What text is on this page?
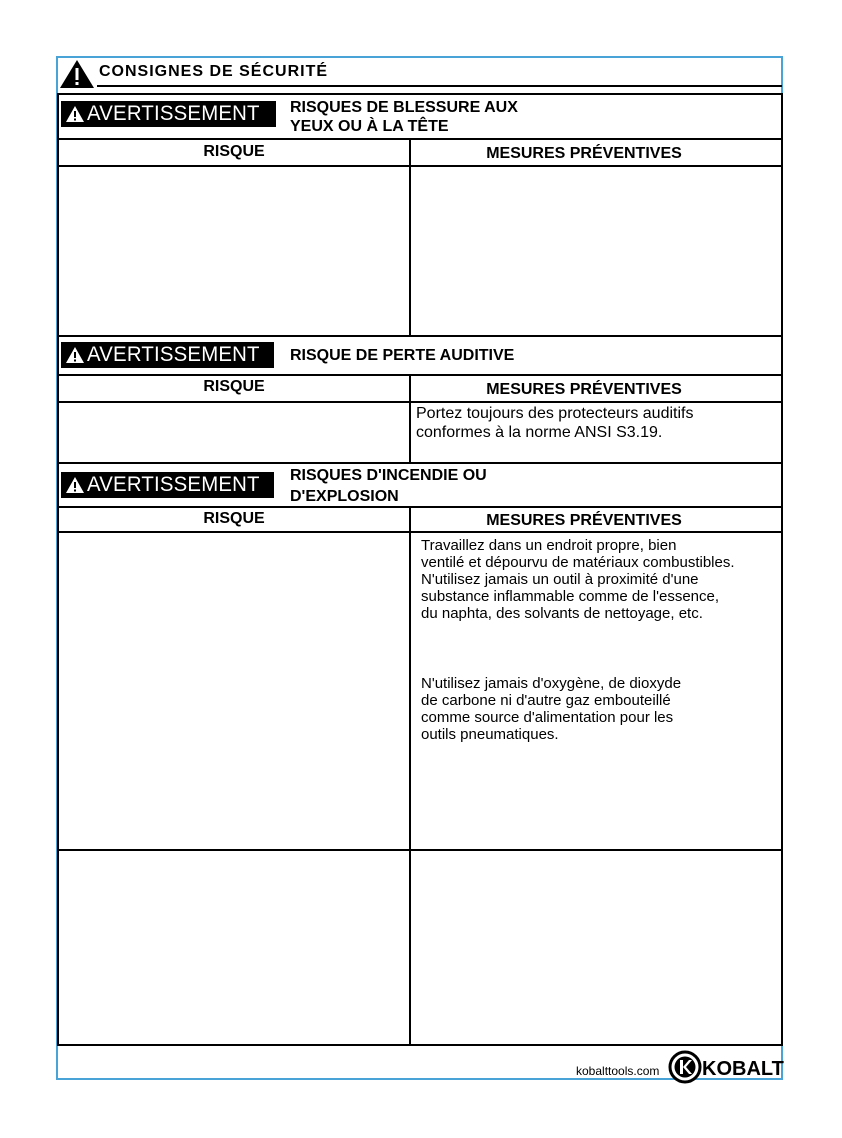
CONSIGNES DE SÉCURITÉ
AVERTISSEMENT RISQUES DE BLESSURE AUX
YEUX OU À LA TÊTE
RISQUE	MESURES PRÉVENTIVES
AVERTISSEMENT RISQUE DE PERTE AUDITIVE
RISQUE	MESURES PRÉVENTIVES
Portez toujours des protecteurs auditifs
conformes à la norme ANSI S3.19.
AVERTISSEMENT RISQUES D'INCENDIE OU
D'EXPLOSION
RISQUE	MESURES PRÉVENTIVES
Travaillez dans un endroit propre, bien
ventilé et dépourvu de matériaux combustibles.
N'utilisez jamais un outil à proximité d'une
substance inflammable comme de l'essence,
du naphta, des solvants de nettoyage, etc.
N'utilisez jamais d'oxygène, de dioxyde
de carbone ni d'autre gaz embouteillé
comme source d'alimentation pour les
outils pneumatiques.
kobalttools.com KOBALT
